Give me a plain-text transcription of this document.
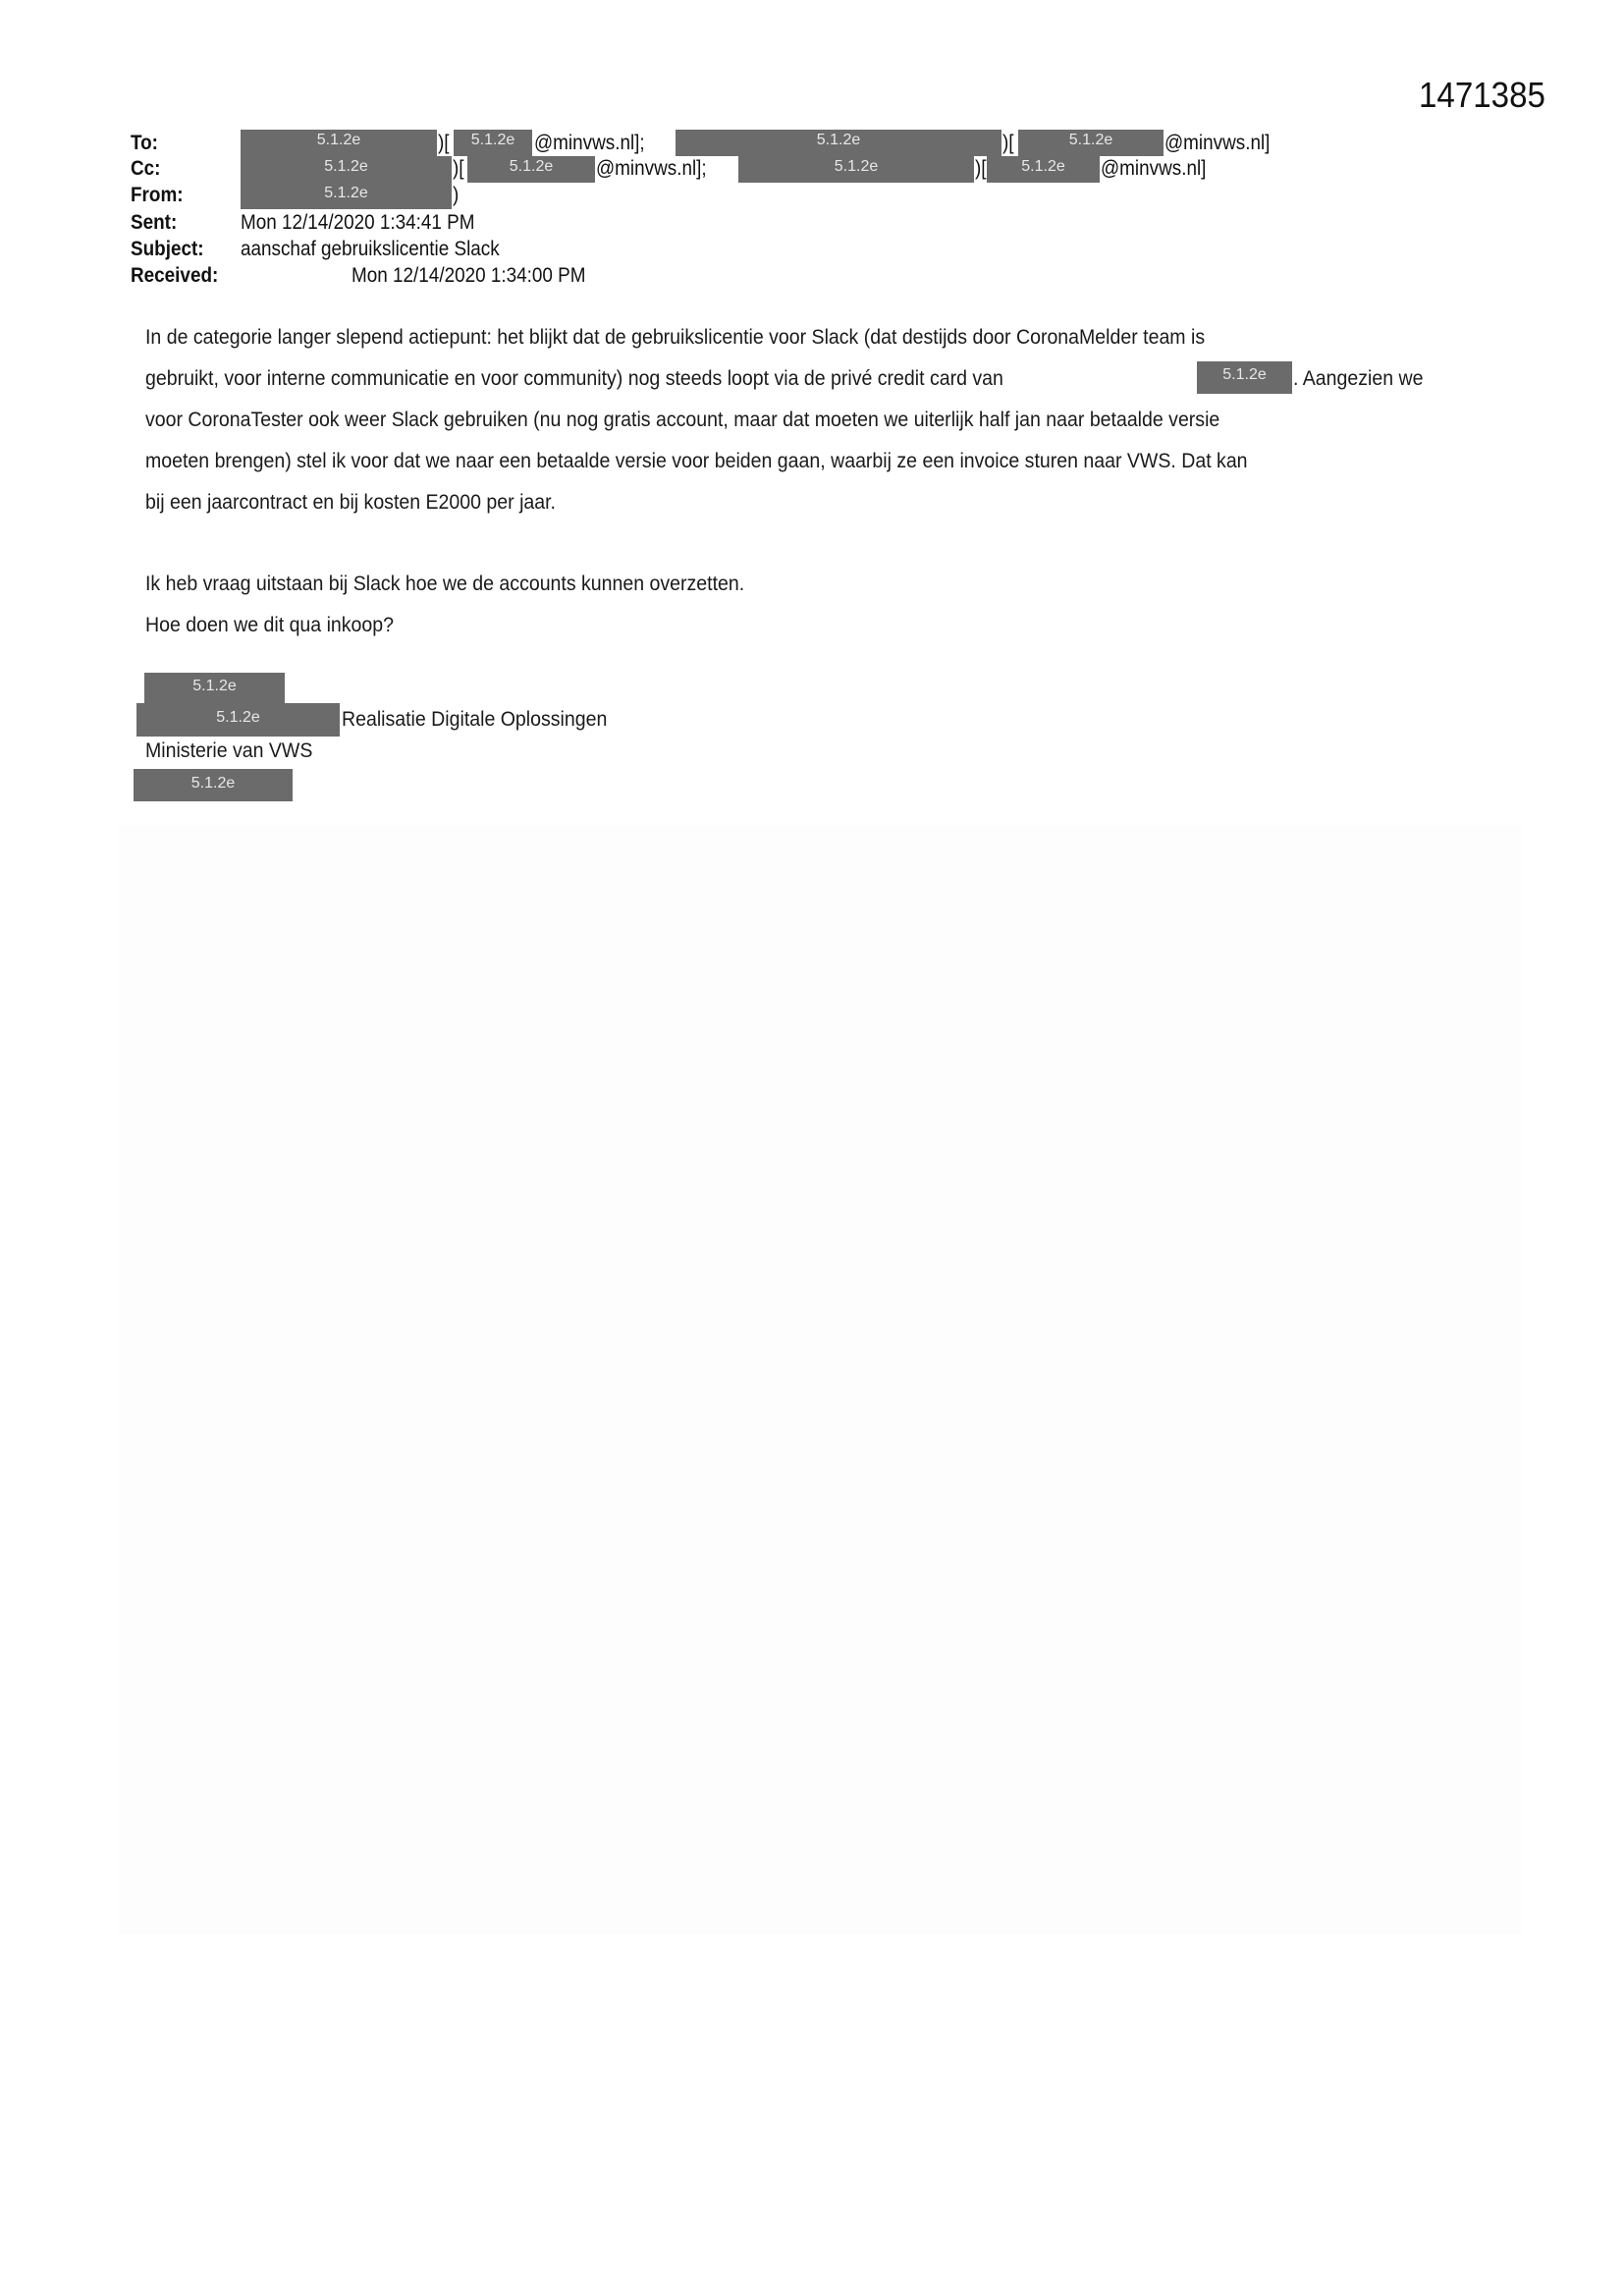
1471385
To:	5.1.2e	)[	5.1.2e @minvws.nl];	5.1.2e	)[	5.1.2e	@minvws.nl]
Cc:	5.1.2e	)[	5.1.2e	@minvws.nl];	5.1.2e	)[	5.1.2e	@minvws.nl]
From:	5.1.2e	)
Sent:	Mon 12/14/2020 1:34:41 PM
Subject: aanschaf gebruikslicentie Slack
Received:	Mon 12/14/2020 1:34:00 PM
In de categorie langer slepend actiepunt: het blijkt dat de gebruikslicentie voor Slack (dat destijds door CoronaMelder team is
gebruikt, voor interne communicatie en voor community) nog steeds loopt via de privé credit card van	5.1.2e	. Aangezien we
voor CoronaTester ook weer Slack gebruiken (nu nog gratis account, maar dat moeten we uiterlijk half jan naar betaalde versie
moeten brengen) stel ik voor dat we naar een betaalde versie voor beiden gaan, waarbij ze een invoice sturen naar VWS. Dat kan
bij een jaarcontract en bij kosten E2000 per jaar.
Ik heb vraag uitstaan bij Slack hoe we de accounts kunnen overzetten.
Hoe doen we dit qua inkoop?
5.1.2e
5.1.2e	Realisatie Digitale Oplossingen
Ministerie van VWS
5.1.2e
